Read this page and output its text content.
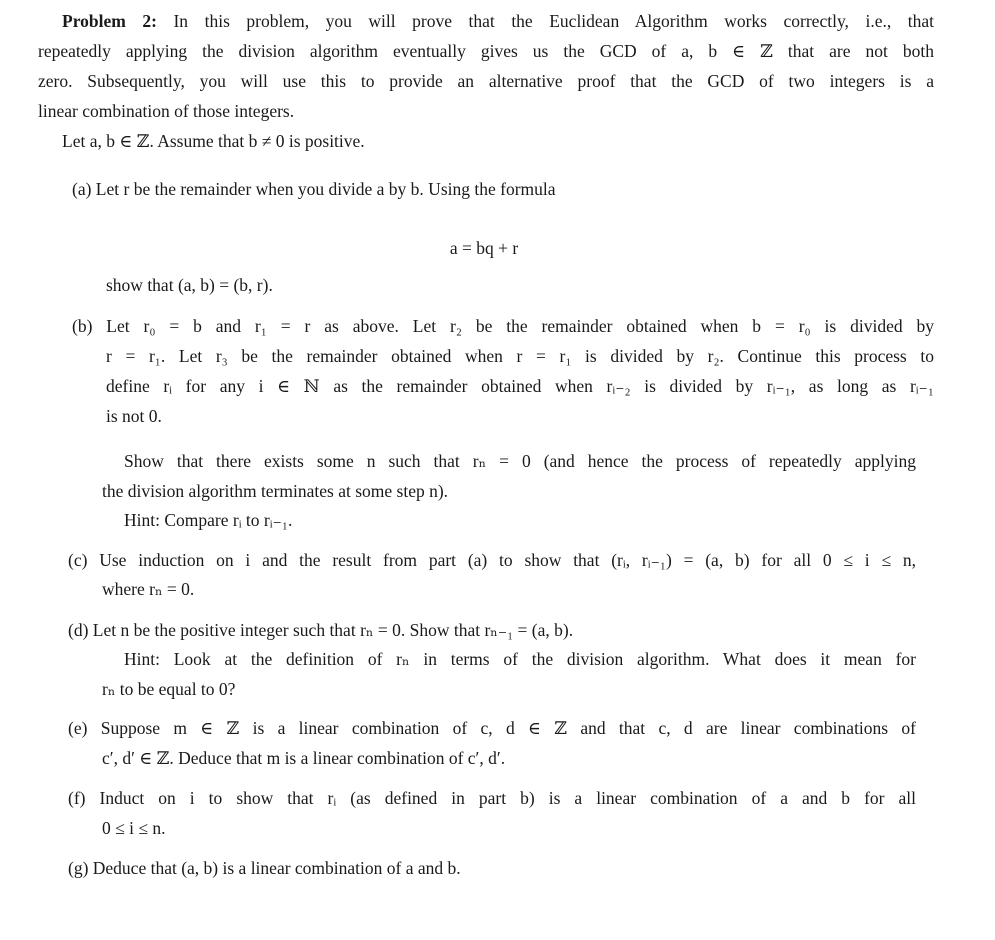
Problem 2: In this problem, you will prove that the Euclidean Algorithm works correctly, i.e., that
repeatedly applying the division algorithm eventually gives us the GCD of a, b ∈ ℤ that are not both
zero. Subsequently, you will use this to provide an alternative proof that the GCD of two integers is a
linear combination of those integers.
Let a, b ∈ ℤ. Assume that b ≠ 0 is positive.
(a) Let r be the remainder when you divide a by b. Using the formula
a = bq + r
show that (a, b) = (b, r).
(b) Let r₀ = b and r₁ = r as above. Let r₂ be the remainder obtained when b = r₀ is divided by
r = r₁. Let r₃ be the remainder obtained when r = r₁ is divided by r₂. Continue this process to
define rᵢ for any i ∈ ℕ as the remainder obtained when rᵢ₋₂ is divided by rᵢ₋₁, as long as rᵢ₋₁
is not 0.
Show that there exists some n such that rₙ = 0 (and hence the process of repeatedly applying
the division algorithm terminates at some step n).
Hint: Compare rᵢ to rᵢ₋₁.
(c) Use induction on i and the result from part (a) to show that (rᵢ, rᵢ₋₁) = (a, b) for all 0 ≤ i ≤ n,
where rₙ = 0.
(d) Let n be the positive integer such that rₙ = 0. Show that rₙ₋₁ = (a, b).
Hint: Look at the definition of rₙ in terms of the division algorithm. What does it mean for
rₙ to be equal to 0?
(e) Suppose m ∈ ℤ is a linear combination of c, d ∈ ℤ and that c, d are linear combinations of
c′, d′ ∈ ℤ. Deduce that m is a linear combination of c′, d′.
(f) Induct on i to show that rᵢ (as defined in part b) is a linear combination of a and b for all
0 ≤ i ≤ n.
(g) Deduce that (a, b) is a linear combination of a and b.
